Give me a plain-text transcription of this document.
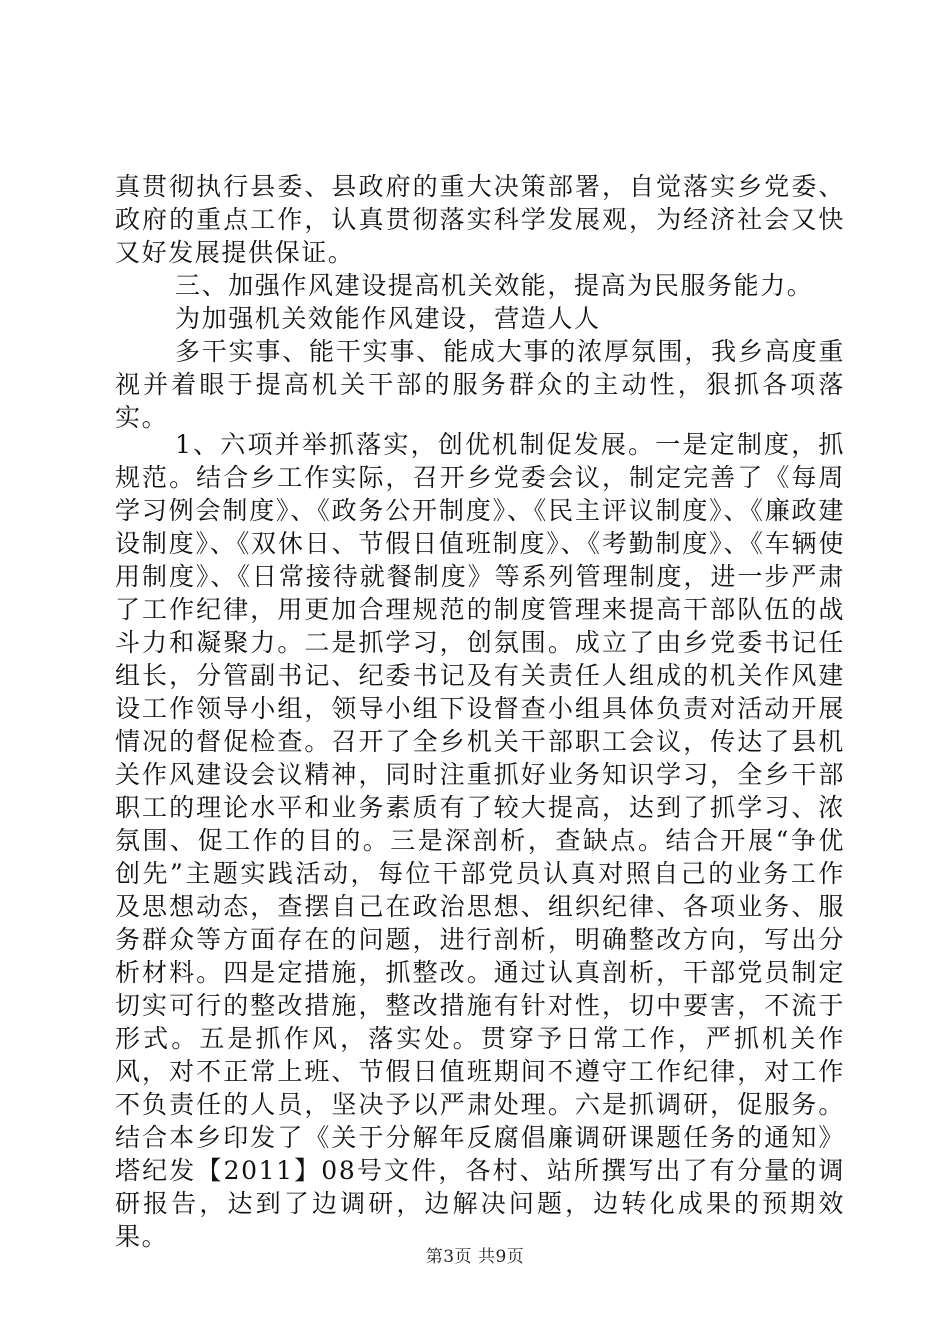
真贯彻执行县委、县政府的重大决策部署，自觉落实乡党委、政府的重点工作，认真贯彻落实科学发展观，为经济社会又快又好发展提供保证。

三、加强作风建设提高机关效能，提高为民服务能力。
为加强机关效能作风建设，营造人人

多干实事、能干实事、能成大事的浓厚氛围，我乡高度重视并着眼于提高机关干部的服务群众的主动性，狠抓各项落实。

1、六项并举抓落实，创优机制促发展。一是定制度，抓规范。结合乡工作实际，召开乡党委会议，制定完善了《每周学习例会制度》、《政务公开制度》、《民主评议制度》、《廉政建设制度》、《双休日、节假日值班制度》、《考勤制度》、《车辆使用制度》、《日常接待就餐制度》等系列管理制度，进一步严肃了工作纪律，用更加合理规范的制度管理来提高干部队伍的战斗力和凝聚力。二是抓学习，创氛围。成立了由乡党委书记任组长，分管副书记、纪委书记及有关责任人组成的机关作风建设工作领导小组，领导小组下设督查小组具体负责对活动开展情况的督促检查。召开了全乡机关干部职工会议，传达了县机关作风建设会议精神，同时注重抓好业务知识学习，全乡干部职工的理论水平和业务素质有了较大提高，达到了抓学习、浓氛围、促工作的目的。三是深剖析，查缺点。结合开展“争优创先”主题实践活动，每位干部党员认真对照自己的业务工作及思想动态，查摆自己在政治思想、组织纪律、各项业务、服务群众等方面存在的问题，进行剖析，明确整改方向，写出分析材料。四是定措施，抓整改。通过认真剖析，干部党员制定切实可行的整改措施，整改措施有针对性，切中要害，不流于形式。五是抓作风，落实处。贯穿予日常工作，严抓机关作风，对不正常上班、节假日值班期间不遵守工作纪律，对工作不负责任的人员，坚决予以严肃处理。六是抓调研，促服务。结合本乡印发了《关于分解年反腐倡廉调研课题任务的通知》塔纪发【2011】08号文件，各村、站所撰写出了有分量的调研报告，达到了边调研，边解决问题，边转化成果的预期效果。

第3页 共9页
